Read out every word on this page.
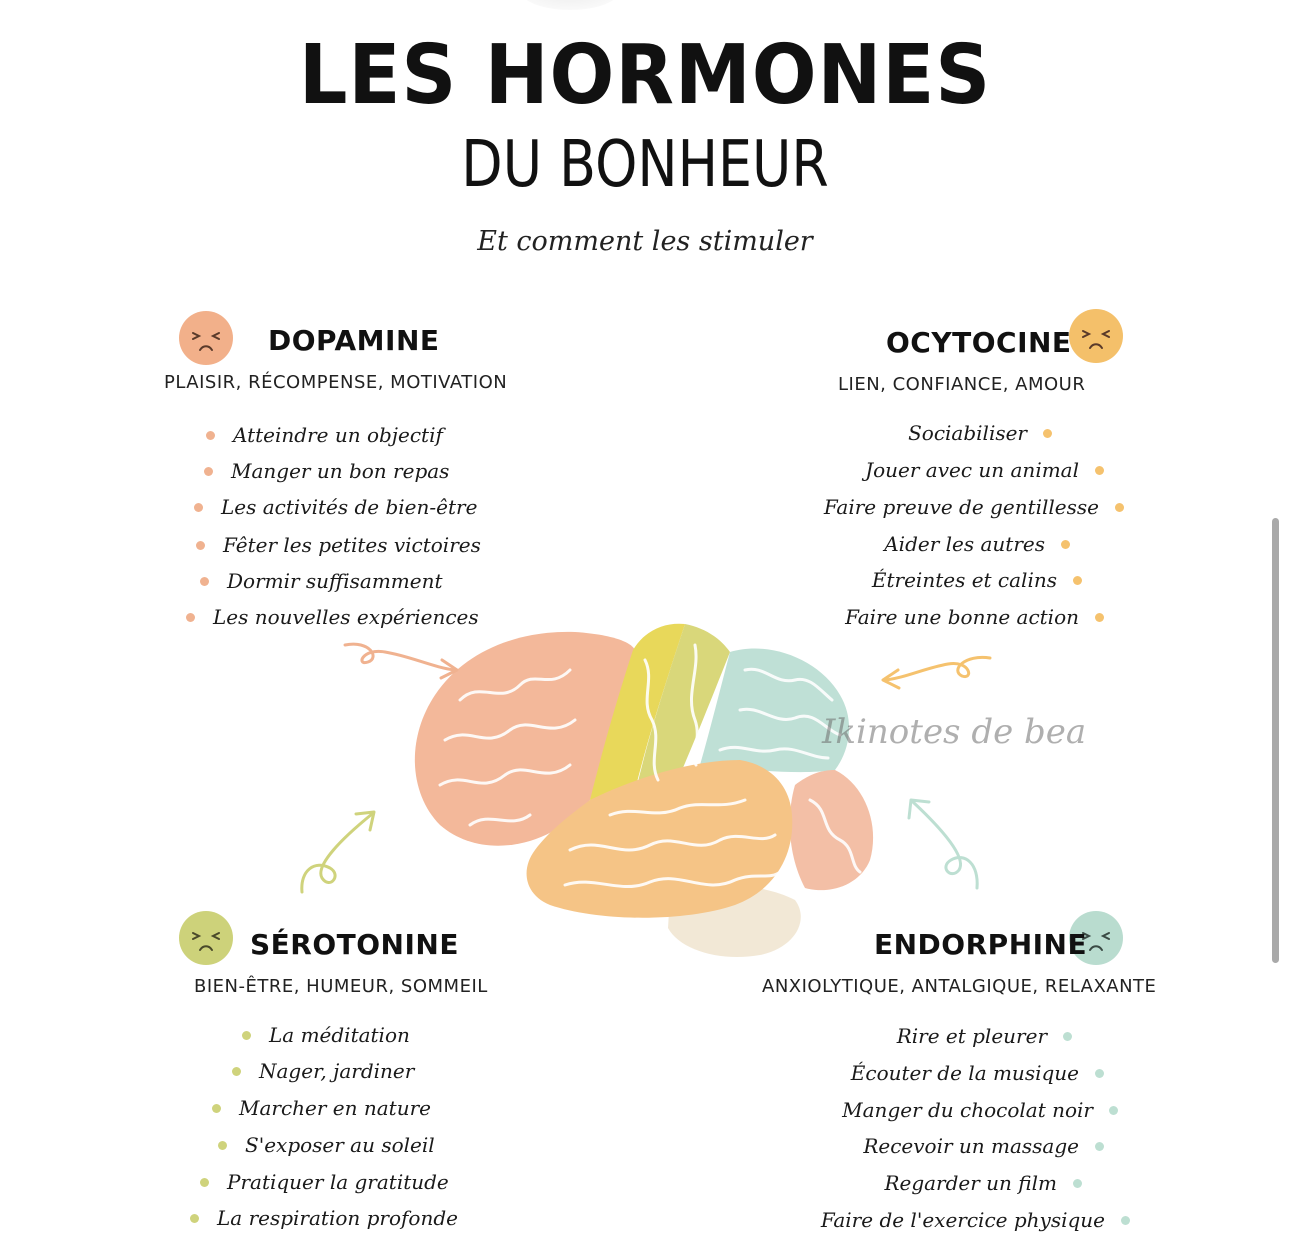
LES HORMONES
DU BONHEUR
Et comment les stimuler
Ikinotes de bea
DOPAMINE
PLAISIR, RÉCOMPENSE, MOTIVATION
Atteindre un objectif
Manger un bon repas
Les activités de bien-être
Fêter les petites victoires
Dormir suffisamment
Les nouvelles expériences
OCYTOCINE
LIEN, CONFIANCE, AMOUR
Sociabiliser
Jouer avec un animal
Faire preuve de gentillesse
Aider les autres
Étreintes et calins
Faire une bonne action
SÉROTONINE
BIEN-ÊTRE, HUMEUR, SOMMEIL
La méditation
Nager, jardiner
Marcher en nature
S'exposer au soleil
Pratiquer la gratitude
La respiration profonde
ENDORPHINE
ANXIOLYTIQUE, ANTALGIQUE, RELAXANTE
Rire et pleurer
Écouter de la musique
Manger du chocolat noir
Recevoir un massage
Regarder un film
Faire de l'exercice physique
